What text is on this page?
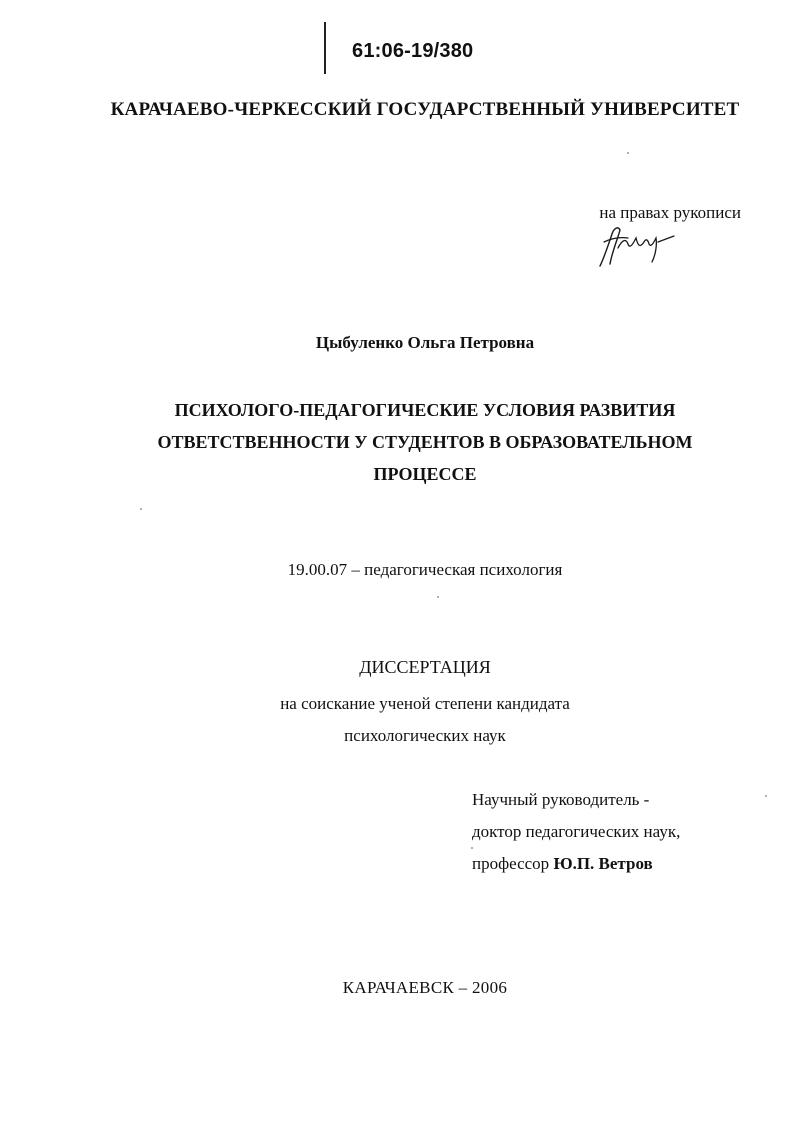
61:06-19/380
КАРАЧАЕВО-ЧЕРКЕССКИЙ ГОСУДАРСТВЕННЫЙ УНИВЕРСИТЕТ
на правах рукописи
Цыбуленко Ольга Петровна
ПСИХОЛОГО-ПЕДАГОГИЧЕСКИЕ УСЛОВИЯ РАЗВИТИЯ
ОТВЕТСТВЕННОСТИ У СТУДЕНТОВ В ОБРАЗОВАТЕЛЬНОМ
ПРОЦЕССЕ
19.00.07 – педагогическая психология
ДИССЕРТАЦИЯ
на соискание ученой степени кандидата
психологических наук
Научный руководитель -
доктор педагогических наук,
профессор Ю.П. Ветров
КАРАЧАЕВСК – 2006
